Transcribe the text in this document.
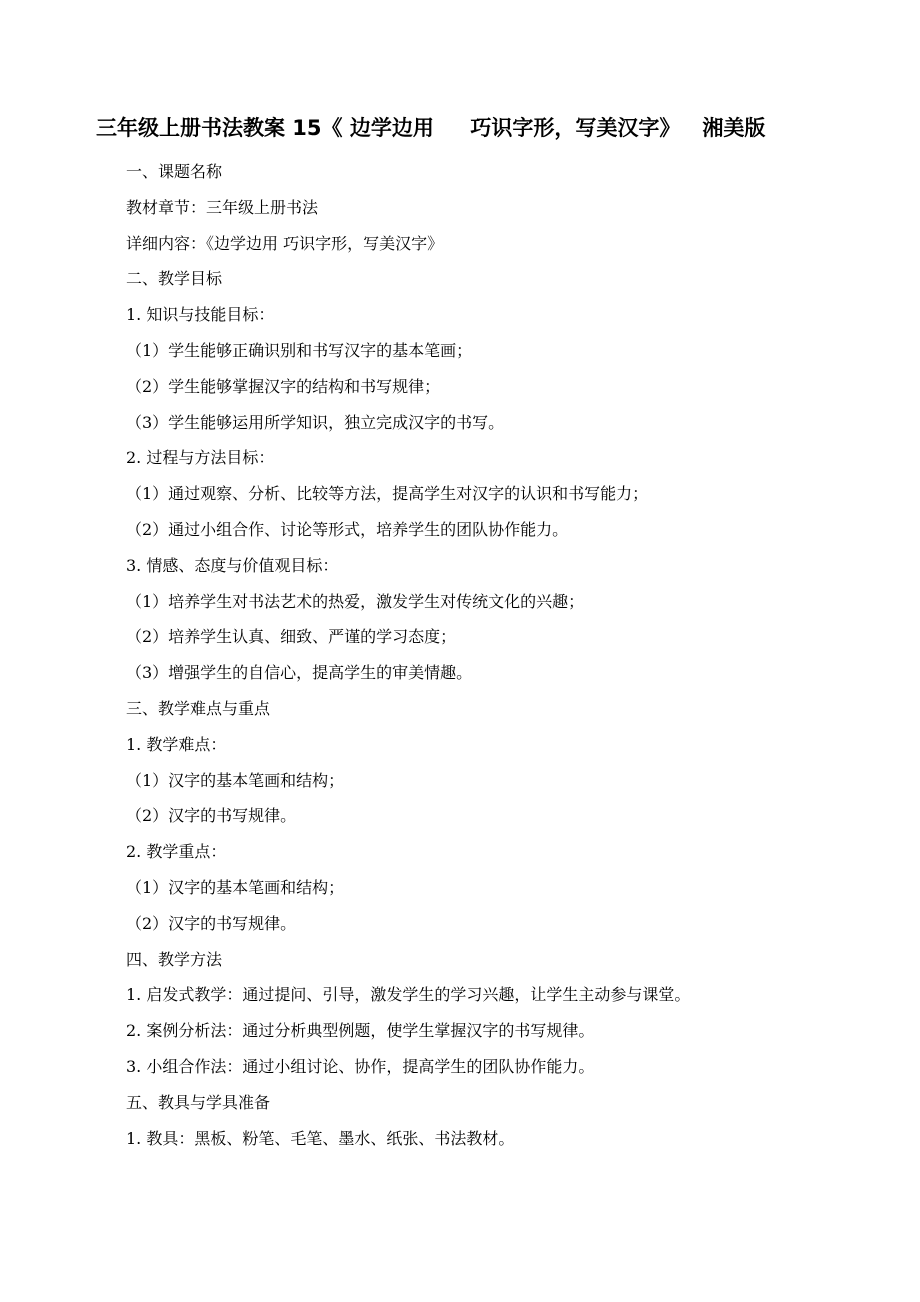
三年级上册书法教案 15《 边学边用     巧识字形，写美汉字》   湘美版

一、课题名称

教材章节：三年级上册书法

详细内容：《边学边用 巧识字形，写美汉字》

二、教学目标

1. 知识与技能目标：

（1）学生能够正确识别和书写汉字的基本笔画；

（2）学生能够掌握汉字的结构和书写规律；

（3）学生能够运用所学知识，独立完成汉字的书写。

2. 过程与方法目标：

（1）通过观察、分析、比较等方法，提高学生对汉字的认识和书写能力；

（2）通过小组合作、讨论等形式，培养学生的团队协作能力。

3. 情感、态度与价值观目标：

（1）培养学生对书法艺术的热爱，激发学生对传统文化的兴趣；

（2）培养学生认真、细致、严谨的学习态度；

（3）增强学生的自信心，提高学生的审美情趣。

三、教学难点与重点

1. 教学难点：

（1）汉字的基本笔画和结构；

（2）汉字的书写规律。

2. 教学重点：

（1）汉字的基本笔画和结构；

（2）汉字的书写规律。

四、教学方法

1. 启发式教学：通过提问、引导，激发学生的学习兴趣，让学生主动参与课堂。

2. 案例分析法：通过分析典型例题，使学生掌握汉字的书写规律。

3. 小组合作法：通过小组讨论、协作，提高学生的团队协作能力。

五、教具与学具准备

1. 教具：黑板、粉笔、毛笔、墨水、纸张、书法教材。
